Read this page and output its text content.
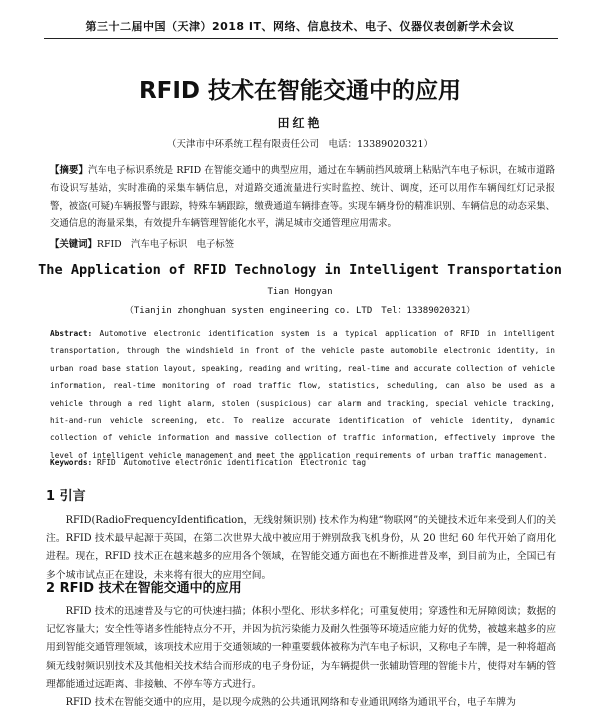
第三十二届中国（天津）2018 IT、网络、信息技术、电子、仪器仪表创新学术会议
RFID 技术在智能交通中的应用
田红艳
（天津市中环系统工程有限责任公司　电话：13389020321）
【摘要】汽车电子标识系统是 RFID 在智能交通中的典型应用，通过在车辆前挡风玻璃上粘贴汽车电子标识，在城市道路布设识写基站，实时准确的采集车辆信息，对道路交通流量进行实时监控、统计、调度，还可以用作车辆闯红灯记录报警，被盗(可疑)车辆报警与跟踪，特殊车辆跟踪，缴费通道车辆排查等。实现车辆身份的精准识别、车辆信息的动态采集、交通信息的海量采集，有效提升车辆管理智能化水平，满足城市交通管理应用需求。
【关键词】RFID　汽车电子标识　电子标签
The Application of RFID Technology in Intelligent Transportation
Tian Hongyan
（Tianjin zhonghuan systen engineering co. LTD　Tel：13389020321）
Abstract: Automotive electronic identification system is a typical application of RFID in intelligent transportation, through the windshield in front of the vehicle paste automobile electronic identity, in urban road base station layout, speaking, reading and writing, real-time and accurate collection of vehicle information, real-time monitoring of road traffic flow, statistics, scheduling, can also be used as a vehicle through a red light alarm, stolen (suspicious) car alarm and tracking, special vehicle tracking, hit-and-run vehicle screening, etc. To realize accurate identification of vehicle identity, dynamic collection of vehicle information and massive collection of traffic information, effectively improve the level of intelligent vehicle management and meet the application requirements of urban traffic management.
Keywords: RFID　Automotive electronic identification　Electronic tag
1 引言
RFID(RadioFrequencyIdentification，无线射频识别) 技术作为构建“物联网”的关键技术近年来受到人们的关注。RFID 技术最早起源于英国，在第二次世界大战中被应用于辨别敌我飞机身份，从 20 世纪 60 年代开始了商用化进程。现在，RFID 技术正在越来越多的应用各个领域，在智能交通方面也在不断推进普及率，到目前为止，全国已有多个城市试点正在建设，未来将有很大的应用空间。
2 RFID 技术在智能交通中的应用
RFID 技术的迅速普及与它的可快速扫描；体积小型化、形状多样化；可重复使用；穿透性和无屏障阅读；数据的记忆容量大；安全性等诸多性能特点分不开，并因为抗污染能力及耐久性强等环境适应能力好的优势，被越来越多的应用到智能交通管理领域，该项技术应用于交通领域的一种重要载体被称为汽车电子标识，又称电子车牌，是一种将超高频无线射频识别技术及其他相关技术结合而形成的电子身份证，为车辆提供一张辅助管理的智能卡片，使得对车辆的管理都能通过远距离、非接触、不停车等方式进行。
RFID 技术在智能交通中的应用，是以现今成熟的公共通讯网络和专业通讯网络为通讯平台，电子车牌为
